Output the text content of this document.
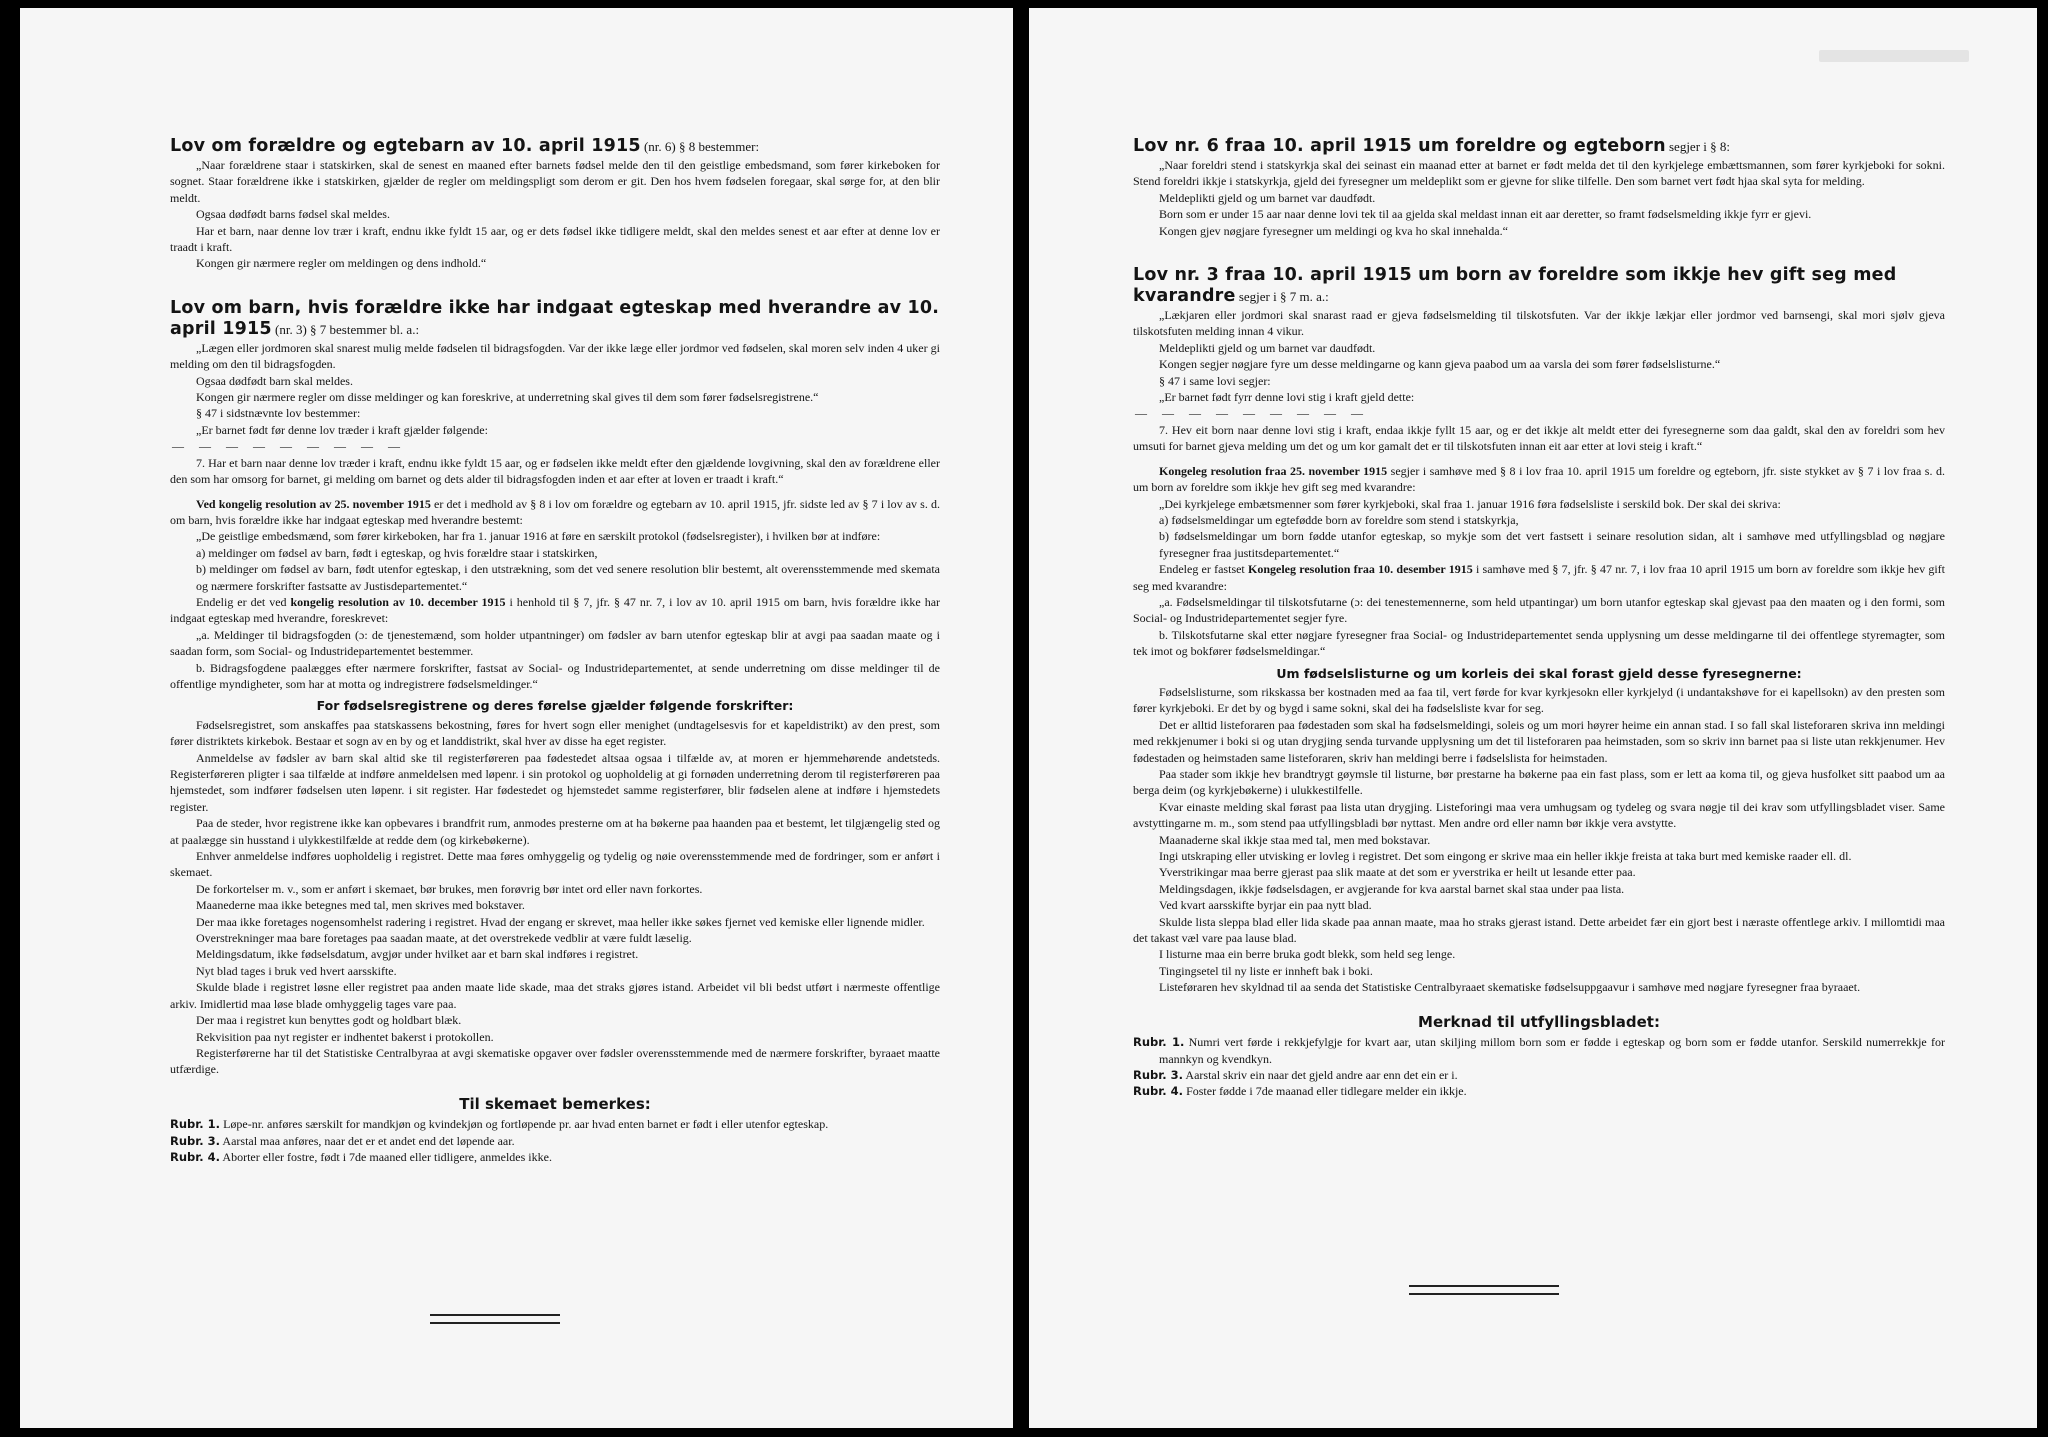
Lov om forældre og egtebarn av 10. april 1915 (nr. 6) § 8 bestemmer:

„Naar forældrene staar i statskirken, skal de senest en maaned efter barnets fødsel melde den til den geistlige embedsmand, som fører kirkeboken for sognet. Staar forældrene ikke i statskirken, gjælder de regler om meldingspligt som derom er git. Den hos hvem fødselen foregaar, skal sørge for, at den blir meldt.

Ogsaa dødfødt barns fødsel skal meldes.

Har et barn, naar denne lov trær i kraft, endnu ikke fyldt 15 aar, og er dets fødsel ikke tidligere meldt, skal den meldes senest et aar efter at denne lov er traadt i kraft.

Kongen gir nærmere regler om meldingen og dens indhold.“

Lov om barn, hvis forældre ikke har indgaat egteskap med hverandre av 10. april 1915 (nr. 3) § 7 bestemmer bl. a.:

„Lægen eller jordmoren skal snarest mulig melde fødselen til bidragsfogden. Var der ikke læge eller jordmor ved fødselen, skal moren selv inden 4 uker gi melding om den til bidragsfogden.

Ogsaa dødfødt barn skal meldes.

Kongen gir nærmere regler om disse meldinger og kan foreskrive, at underretning skal gives til dem som fører fødselsregistrene.“

§ 47 i sidstnævnte lov bestemmer:

„Er barnet født før denne lov træder i kraft gjælder følgende:

— — — — — — — — —

7. Har et barn naar denne lov træder i kraft, endnu ikke fyldt 15 aar, og er fødselen ikke meldt efter den gjældende lovgivning, skal den av forældrene eller den som har omsorg for barnet, gi melding om barnet og dets alder til bidragsfogden inden et aar efter at loven er traadt i kraft.“

Ved kongelig resolution av 25. november 1915 er det i medhold av § 8 i lov om forældre og egtebarn av 10. april 1915, jfr. sidste led av § 7 i lov av s. d. om barn, hvis forældre ikke har indgaat egteskap med hverandre bestemt:

„De geistlige embedsmænd, som fører kirkeboken, har fra 1. januar 1916 at føre en særskilt protokol (fødselsregister), i hvilken bør at indføre:

a) meldinger om fødsel av barn, født i egteskap, og hvis forældre staar i statskirken,

b) meldinger om fødsel av barn, født utenfor egteskap, i den utstrækning, som det ved senere resolution blir bestemt, alt overensstemmende med skemata og nærmere forskrifter fastsatte av Justisdepartementet.“

Endelig er det ved kongelig resolution av 10. december 1915 i henhold til § 7, jfr. § 47 nr. 7, i lov av 10. april 1915 om barn, hvis forældre ikke har indgaat egteskap med hverandre, foreskrevet:

„a. Meldinger til bidragsfogden (ɔ: de tjenestemænd, som holder utpantninger) om fødsler av barn utenfor egteskap blir at avgi paa saadan maate og i saadan form, som Social- og Industridepartementet bestemmer.

b. Bidragsfogdene paalægges efter nærmere forskrifter, fastsat av Social- og Industridepartementet, at sende underretning om disse meldinger til de offentlige myndigheter, som har at motta og indregistrere fødselsmeldinger.“

For fødselsregistrene og deres førelse gjælder følgende forskrifter:

Fødselsregistret, som anskaffes paa statskassens bekostning, føres for hvert sogn eller menighet (undtagelsesvis for et kapeldistrikt) av den prest, som fører distriktets kirkebok. Bestaar et sogn av en by og et landdistrikt, skal hver av disse ha eget register.

Anmeldelse av fødsler av barn skal altid ske til registerføreren paa fødestedet altsaa ogsaa i tilfælde av, at moren er hjemmehørende andetsteds. Registerføreren pligter i saa tilfælde at indføre anmeldelsen med løpenr. i sin protokol og uopholdelig at gi fornøden underretning derom til registerføreren paa hjemstedet, som indfører fødselsen uten løpenr. i sit register. Har fødestedet og hjemstedet samme registerfører, blir fødselen alene at indføre i hjemstedets register.

Paa de steder, hvor registrene ikke kan opbevares i brandfrit rum, anmodes presterne om at ha bøkerne paa haanden paa et bestemt, let tilgjængelig sted og at paalægge sin husstand i ulykkestilfælde at redde dem (og kirkebøkerne).

Enhver anmeldelse indføres uopholdelig i registret. Dette maa føres omhyggelig og tydelig og nøie overensstemmende med de fordringer, som er anført i skemaet.

De forkortelser m. v., som er anført i skemaet, bør brukes, men forøvrig bør intet ord eller navn forkortes.

Maanederne maa ikke betegnes med tal, men skrives med bokstaver.

Der maa ikke foretages nogensomhelst radering i registret. Hvad der engang er skrevet, maa heller ikke søkes fjernet ved kemiske eller lignende midler.

Overstrekninger maa bare foretages paa saadan maate, at det overstrekede vedblir at være fuldt læselig.

Meldingsdatum, ikke fødselsdatum, avgjør under hvilket aar et barn skal indføres i registret.

Nyt blad tages i bruk ved hvert aarsskifte.

Skulde blade i registret løsne eller registret paa anden maate lide skade, maa det straks gjøres istand. Arbeidet vil bli bedst utført i nærmeste offentlige arkiv. Imidlertid maa løse blade omhyggelig tages vare paa.

Der maa i registret kun benyttes godt og holdbart blæk.

Rekvisition paa nyt register er indhentet bakerst i protokollen.

Registerførerne har til det Statistiske Centralbyraa at avgi skematiske opgaver over fødsler overensstemmende med de nærmere forskrifter, byraaet maatte utfærdige.

Til skemaet bemerkes:

Rubr. 1. Løpe-nr. anføres særskilt for mandkjøn og kvindekjøn og fortløpende pr. aar hvad enten barnet er født i eller utenfor egteskap.

Rubr. 3. Aarstal maa anføres, naar det er et andet end det løpende aar.

Rubr. 4. Aborter eller fostre, født i 7de maaned eller tidligere, anmeldes ikke.

Lov nr. 6 fraa 10. april 1915 um foreldre og egteborn segjer i § 8:

„Naar foreldri stend i statskyrkja skal dei seinast ein maanad etter at barnet er født melda det til den kyrkjelege embættsmannen, som fører kyrkjeboki for sokni. Stend foreldri ikkje i statskyrkja, gjeld dei fyresegner um meldeplikt som er gjevne for slike tilfelle. Den som barnet vert født hjaa skal syta for melding.

Meldeplikti gjeld og um barnet var daudfødt.

Born som er under 15 aar naar denne lovi tek til aa gjelda skal meldast innan eit aar deretter, so framt fødselsmelding ikkje fyrr er gjevi.

Kongen gjev nøgjare fyresegner um meldingi og kva ho skal innehalda.“

Lov nr. 3 fraa 10. april 1915 um born av foreldre som ikkje hev gift seg med kvarandre segjer i § 7 m. a.:

„Lækjaren eller jordmori skal snarast raad er gjeva fødselsmelding til tilskotsfuten. Var der ikkje lækjar eller jordmor ved barnsengi, skal mori sjølv gjeva tilskotsfuten melding innan 4 vikur.

Meldeplikti gjeld og um barnet var daudfødt.

Kongen segjer nøgjare fyre um desse meldingarne og kann gjeva paabod um aa varsla dei som fører fødselslisturne.“

§ 47 i same lovi segjer:

„Er barnet født fyrr denne lovi stig i kraft gjeld dette:

— — — — — — — — —

7. Hev eit born naar denne lovi stig i kraft, endaa ikkje fyllt 15 aar, og er det ikkje alt meldt etter dei fyresegnerne som daa galdt, skal den av foreldri som hev umsuti for barnet gjeva melding um det og um kor gamalt det er til tilskotsfuten innan eit aar etter at lovi steig i kraft.“

Kongeleg resolution fraa 25. november 1915 segjer i samhøve med § 8 i lov fraa 10. april 1915 um foreldre og egteborn, jfr. siste stykket av § 7 i lov fraa s. d. um born av foreldre som ikkje hev gift seg med kvarandre:

„Dei kyrkjelege embætsmenner som fører kyrkjeboki, skal fraa 1. januar 1916 føra fødselsliste i serskild bok. Der skal dei skriva:

a) fødselsmeldingar um egtefødde born av foreldre som stend i statskyrkja,

b) fødselsmeldingar um born fødde utanfor egteskap, so mykje som det vert fastsett i seinare resolution sidan, alt i samhøve med utfyllingsblad og nøgjare fyresegner fraa justitsdepartementet.“

Endeleg er fastset Kongeleg resolution fraa 10. desember 1915 i samhøve med § 7, jfr. § 47 nr. 7, i lov fraa 10 april 1915 um born av foreldre som ikkje hev gift seg med kvarandre:

„a. Fødselsmeldingar til tilskotsfutarne (ɔ: dei tenestemennerne, som held utpantingar) um born utanfor egteskap skal gjevast paa den maaten og i den formi, som Social- og Industridepartementet segjer fyre.

b. Tilskotsfutarne skal etter nøgjare fyresegner fraa Social- og Industridepartementet senda upplysning um desse meldingarne til dei offentlege styremagter, som tek imot og bokfører fødselsmeldingar.“

Um fødselslisturne og um korleis dei skal forast gjeld desse fyresegnerne:

Fødselslisturne, som rikskassa ber kostnaden med aa faa til, vert førde for kvar kyrkjesokn eller kyrkjelyd (i undantakshøve for ei kapellsokn) av den presten som fører kyrkjeboki. Er det by og bygd i same sokni, skal dei ha fødselsliste kvar for seg.

Det er alltid listeforaren paa fødestaden som skal ha fødselsmeldingi, soleis og um mori høyrer heime ein annan stad. I so fall skal listeforaren skriva inn meldingi med rekkjenumer i boki si og utan drygjing senda turvande upplysning um det til listeforaren paa heimstaden, som so skriv inn barnet paa si liste utan rekkjenumer. Hev fødestaden og heimstaden same listeforaren, skriv han meldingi berre i fødselslista for heimstaden.

Paa stader som ikkje hev brandtrygt gøymsle til listurne, bør prestarne ha bøkerne paa ein fast plass, som er lett aa koma til, og gjeva husfolket sitt paabod um aa berga deim (og kyrkjebøkerne) i ulukkestilfelle.

Kvar einaste melding skal førast paa lista utan drygjing. Listeforingi maa vera umhugsam og tydeleg og svara nøgje til dei krav som utfyllingsbladet viser. Same avstyttingarne m. m., som stend paa utfyllingsbladi bør nyttast. Men andre ord eller namn bør ikkje vera avstytte.

Maanaderne skal ikkje staa med tal, men med bokstavar.

Ingi utskraping eller utvisking er lovleg i registret. Det som eingong er skrive maa ein heller ikkje freista at taka burt med kemiske raader ell. dl.

Yverstrikingar maa berre gjerast paa slik maate at det som er yverstrika er heilt ut lesande etter paa.

Meldingsdagen, ikkje fødselsdagen, er avgjerande for kva aarstal barnet skal staa under paa lista.

Ved kvart aarsskifte byrjar ein paa nytt blad.

Skulde lista sleppa blad eller lida skade paa annan maate, maa ho straks gjerast istand. Dette arbeidet fær ein gjort best i næraste offentlege arkiv. I millomtidi maa det takast væl vare paa lause blad.

I listurne maa ein berre bruka godt blekk, som held seg lenge.

Tingingsetel til ny liste er innheft bak i boki.

Listeføraren hev skyldnad til aa senda det Statistiske Centralbyraaet skematiske fødselsuppgaavur i samhøve med nøgjare fyresegner fraa byraaet.

Merknad til utfyllingsbladet:

Rubr. 1. Numri vert førde i rekkjefylgje for kvart aar, utan skiljing millom born som er fødde i egteskap og born som er fødde utanfor. Serskild numerrekkje for mannkyn og kvendkyn.

Rubr. 3. Aarstal skriv ein naar det gjeld andre aar enn det ein er i.

Rubr. 4. Foster fødde i 7de maanad eller tidlegare melder ein ikkje.
